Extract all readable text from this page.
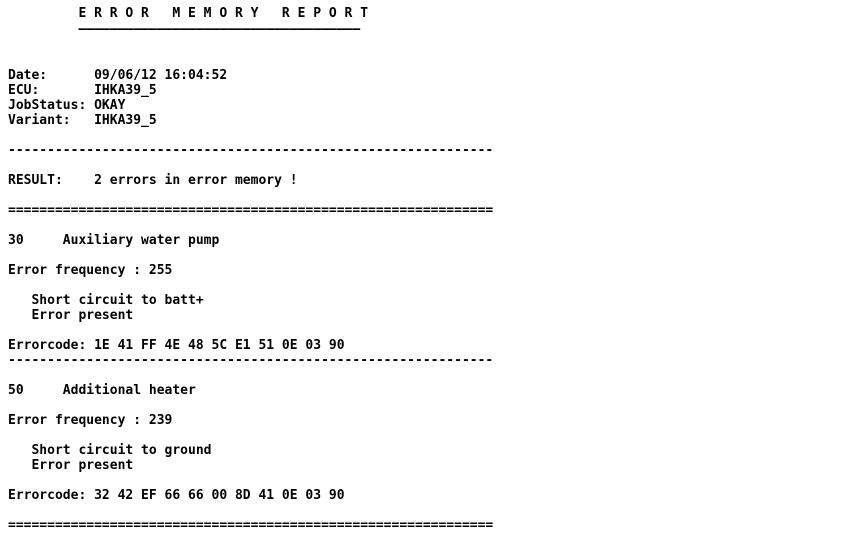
E R R O R   M E M O R Y   R E P O R T
————————————————————————————————————

Date:      09/06/12 16:04:52
ECU:       IHKA39_5
JobStatus: OKAY
Variant:   IHKA39_5

--------------------------------------------------------------

RESULT:    2 errors in error memory !

==============================================================

30     Auxiliary water pump

Error frequency : 255

Short circuit to batt+
Error present

Errorcode: 1E 41 FF 4E 48 5C E1 51 0E 03 90
--------------------------------------------------------------

50     Additional heater

Error frequency : 239

Short circuit to ground
Error present

Errorcode: 32 42 EF 66 66 00 8D 41 0E 03 90

==============================================================
